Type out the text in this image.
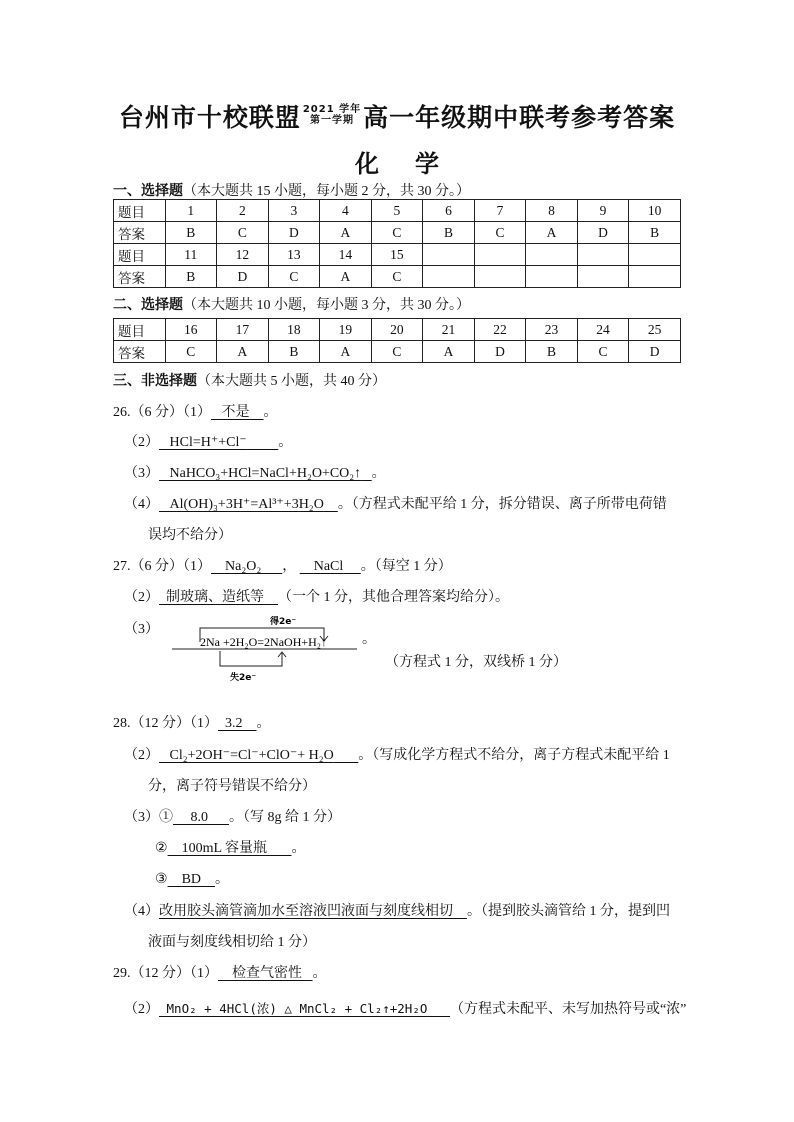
台州市十校联盟 2021 学年
第一学期 高一年级期中联考参考答案
化学
一、选择题（本大题共 15 小题，每小题 2 分，共 30 分。）
题目	1	2	3	4	5	6	7	8	9	10
答案	B	C	D	A	C	B	C	A	D	B
题目	11	12	13	14	15					
答案	B	D	C	A	C					
二、选择题（本大题共 10 小题，每小题 3 分，共 30 分。）
题目	16	17	18	19	20	21	22	23	24	25
答案	C	A	B	A	C	A	D	B	C	D
三、非选择题（本大题共 5 小题，共 40 分）
26.（6 分）（1） 不是 。
（2） HCl=H⁺+Cl⁻ 。
（3） NaHCO₃+HCl=NaCl+H₂O+CO₂↑ 。
（4） Al(OH)₃+3H⁺=Al³⁺+3H₂O 。（方程式未配平给 1 分，拆分错误、离子所带电荷错
误均不给分）
27.（6 分）（1） Na₂O₂ ， NaCl 。（每空 1 分）
（2） 制玻璃、造纸等 （一个 1 分，其他合理答案均给分）。
（3）	得2e⁻
2Na +2H₂O=2NaOH+H₂↑
失2e⁻
。
（方程式 1 分，双线桥 1 分）
28.（12 分）（1） 3.2 。
（2） Cl₂+2OH⁻=Cl⁻+ClO⁻+ H₂O 。（写成化学方程式不给分，离子方程式未配平给 1
分，离子符号错误不给分）
（3）① 8.0 。（写 8g 给 1 分）
② 100mL 容量瓶 。
③ BD 。
（4）改用胶头滴管滴加水至溶液凹液面与刻度线相切 。（提到胶头滴管给 1 分，提到凹
液面与刻度线相切给 1 分）
29.（12 分）（1） 检查气密性 。
（2） MnO₂ + 4HCl(浓) △ MnCl₂ + Cl₂↑+2H₂O （方程式未配平、未写加热符号或“浓”
